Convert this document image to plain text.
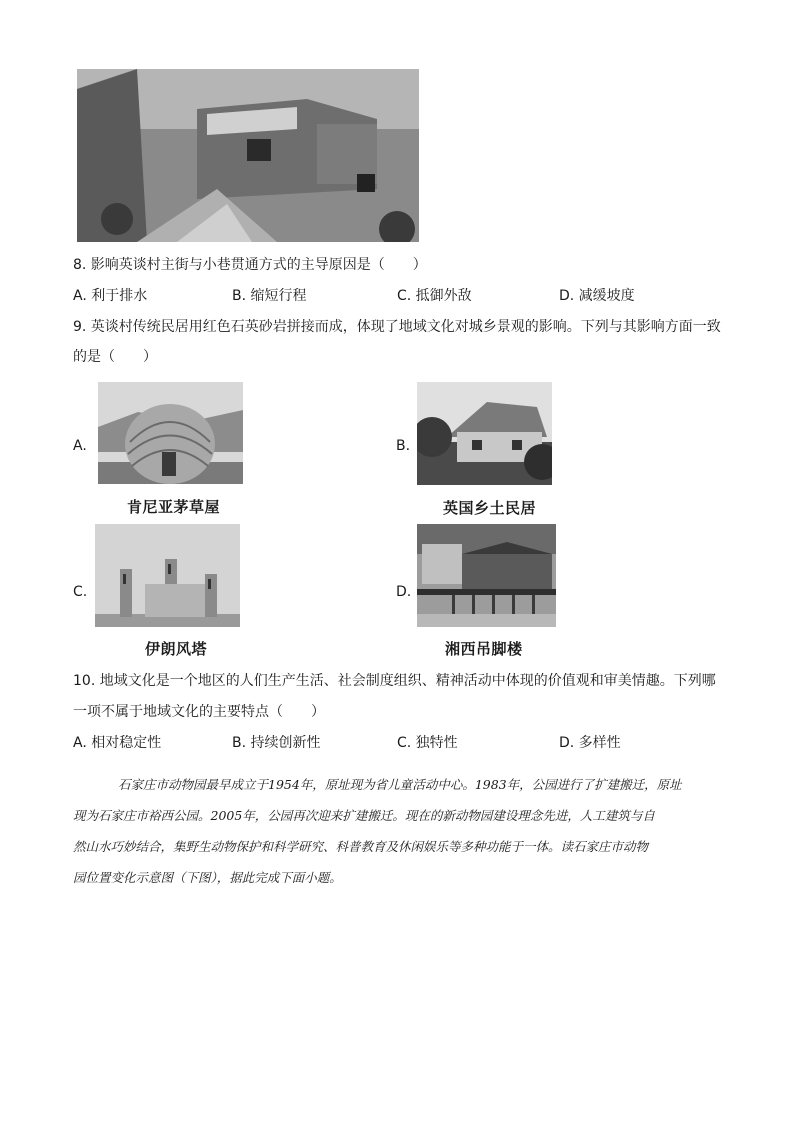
8. 影响英谈村主街与小巷贯通方式的主导原因是（　　）
A. 利于排水	B. 缩短行程	C. 抵御外敌	D. 减缓坡度
9. 英谈村传统民居用红色石英砂岩拼接而成，体现了地域文化对城乡景观的影响。下列与其影响方面一致
的是（　　）
A.
肯尼亚茅草屋
B.
英国乡土民居
C.
伊朗风塔
D.
湘西吊脚楼
10. 地域文化是一个地区的人们生产生活、社会制度组织、精神活动中体现的价值观和审美情趣。下列哪
一项不属于地域文化的主要特点（　　）
A. 相对稳定性	B. 持续创新性	C. 独特性	D. 多样性
石家庄市动物园最早成立于1954年，原址现为省儿童活动中心。1983年，公园进行了扩建搬迁，原址
现为石家庄市裕西公园。2005年，公园再次迎来扩建搬迁。现在的新动物园建设理念先进，人工建筑与自
然山水巧妙结合，集野生动物保护和科学研究、科普教育及休闲娱乐等多种功能于一体。读石家庄市动物
园位置变化示意图（下图），据此完成下面小题。
